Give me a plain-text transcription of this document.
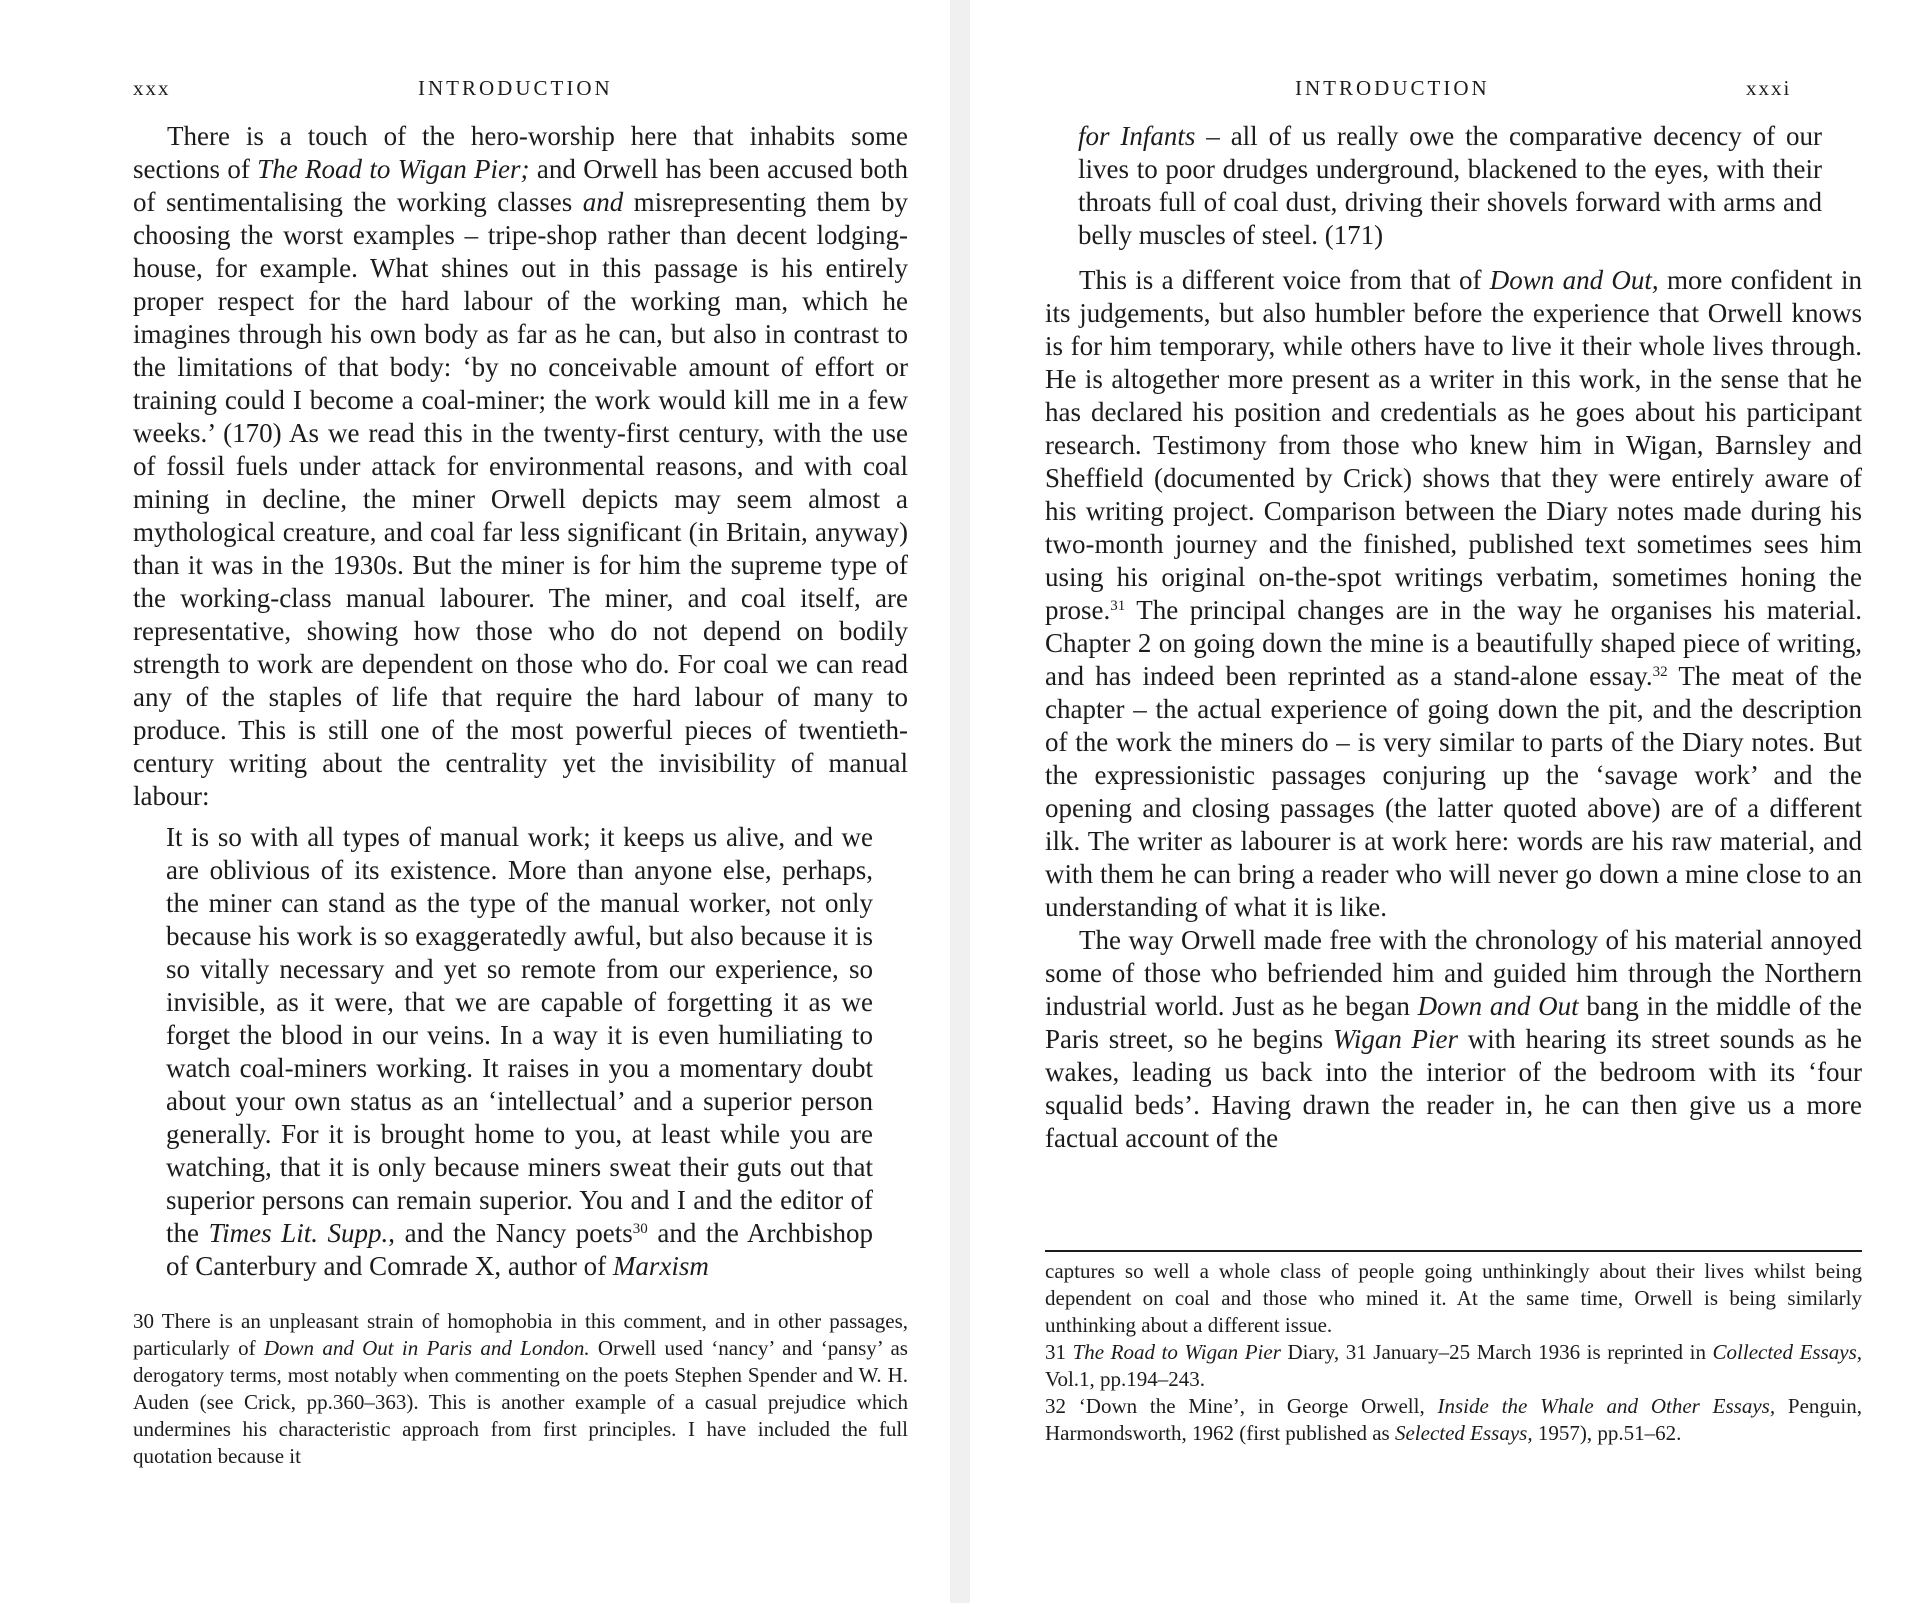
xxx	INTRODUCTION

There is a touch of the hero-worship here that inhabits some sections of The Road to Wigan Pier; and Orwell has been accused both of sentimentalising the working classes and misrepresenting them by choosing the worst examples – tripe-shop rather than decent lodging-house, for example. What shines out in this passage is his entirely proper respect for the hard labour of the working man, which he imagines through his own body as far as he can, but also in contrast to the limitations of that body: ‘by no conceivable amount of effort or training could I become a coal-miner; the work would kill me in a few weeks.’ (170) As we read this in the twenty-first century, with the use of fossil fuels under attack for environmental reasons, and with coal mining in decline, the miner Orwell depicts may seem almost a mythological creature, and coal far less significant (in Britain, anyway) than it was in the 1930s. But the miner is for him the supreme type of the working-class manual labourer. The miner, and coal itself, are representative, showing how those who do not depend on bodily strength to work are dependent on those who do. For coal we can read any of the staples of life that require the hard labour of many to produce. This is still one of the most powerful pieces of twentieth-century writing about the centrality yet the invisibility of manual labour:

It is so with all types of manual work; it keeps us alive, and we are oblivious of its existence. More than anyone else, perhaps, the miner can stand as the type of the manual worker, not only because his work is so exaggeratedly awful, but also because it is so vitally necessary and yet so remote from our experience, so invisible, as it were, that we are capable of forgetting it as we forget the blood in our veins. In a way it is even humiliating to watch coal-miners working. It raises in you a momentary doubt about your own status as an ‘intellectual’ and a superior person generally. For it is brought home to you, at least while you are watching, that it is only because miners sweat their guts out that superior persons can remain superior. You and I and the editor of the Times Lit. Supp., and the Nancy poets$^{30}$ and the Archbishop of Canterbury and Comrade X, author of Marxism

30 There is an unpleasant strain of homophobia in this comment, and in other passages, particularly of Down and Out in Paris and London. Orwell used ‘nancy’ and ‘pansy’ as derogatory terms, most notably when commenting on the poets Stephen Spender and W. H. Auden (see Crick, pp.360–363). This is another example of a casual prejudice which undermines his characteristic approach from first principles. I have included the full quotation because it

INTRODUCTION	xxxi

for Infants – all of us really owe the comparative decency of our lives to poor drudges underground, blackened to the eyes, with their throats full of coal dust, driving their shovels forward with arms and belly muscles of steel. (171)

This is a different voice from that of Down and Out, more confident in its judgements, but also humbler before the experience that Orwell knows is for him temporary, while others have to live it their whole lives through. He is altogether more present as a writer in this work, in the sense that he has declared his position and credentials as he goes about his participant research. Testimony from those who knew him in Wigan, Barnsley and Sheffield (documented by Crick) shows that they were entirely aware of his writing project. Comparison between the Diary notes made during his two-month journey and the finished, published text sometimes sees him using his original on-the-spot writings verbatim, sometimes honing the prose.$^{31}$ The principal changes are in the way he organises his material. Chapter 2 on going down the mine is a beautifully shaped piece of writing, and has indeed been reprinted as a stand-alone essay.$^{32}$ The meat of the chapter – the actual experience of going down the pit, and the description of the work the miners do – is very similar to parts of the Diary notes. But the expressionistic passages conjuring up the ‘savage work’ and the opening and closing passages (the latter quoted above) are of a different ilk. The writer as labourer is at work here: words are his raw material, and with them he can bring a reader who will never go down a mine close to an understanding of what it is like.

The way Orwell made free with the chronology of his material annoyed some of those who befriended him and guided him through the Northern industrial world. Just as he began Down and Out bang in the middle of the Paris street, so he begins Wigan Pier with hearing its street sounds as he wakes, leading us back into the interior of the bedroom with its ‘four squalid beds’. Having drawn the reader in, he can then give us a more factual account of the

captures so well a whole class of people going unthinkingly about their lives whilst being dependent on coal and those who mined it. At the same time, Orwell is being similarly unthinking about a different issue.

31 The Road to Wigan Pier Diary, 31 January–25 March 1936 is reprinted in Collected Essays, Vol.1, pp.194–243.

32 ‘Down the Mine’, in George Orwell, Inside the Whale and Other Essays, Penguin, Harmondsworth, 1962 (first published as Selected Essays, 1957), pp.51–62.
